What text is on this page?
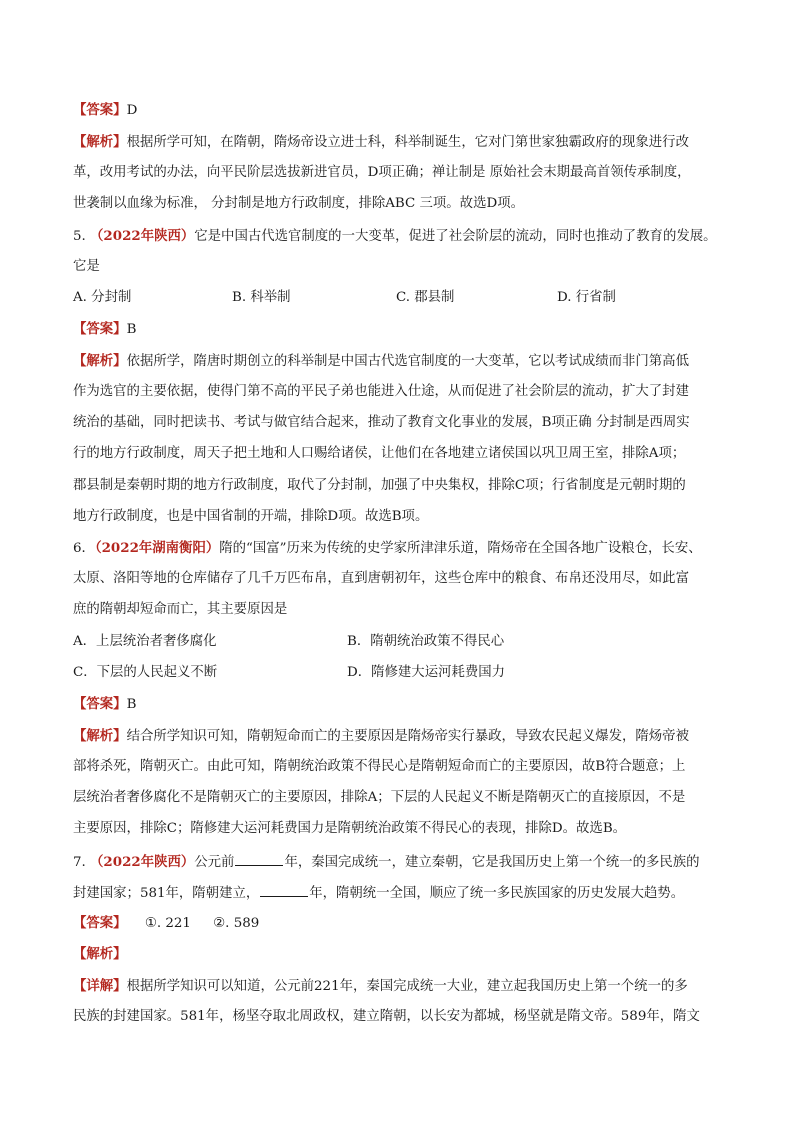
【答案】D
【解析】根据所学可知，在隋朝，隋炀帝设立进士科，科举制诞生，它对门第世家独霸政府的现象进行改
革，改用考试的办法，向平民阶层选拔新进官员，D项正确；禅让制是 原始社会末期最高首领传承制度，
世袭制以血缘为标准， 分封制是地方行政制度，排除ABC 三项。故选D项。
5. （2022年陕西）它是中国古代选官制度的一大变革，促进了社会阶层的流动，同时也推动了教育的发展。
它是
A. 分封制	B. 科举制	C. 郡县制	D. 行省制
【答案】B
【解析】依据所学，隋唐时期创立的科举制是中国古代选官制度的一大变革，它以考试成绩而非门第高低
作为选官的主要依据，使得门第不高的平民子弟也能进入仕途，从而促进了社会阶层的流动，扩大了封建
统治的基础，同时把读书、考试与做官结合起来，推动了教育文化事业的发展，B项正确 分封制是西周实
行的地方行政制度，周天子把土地和人口赐给诸侯，让他们在各地建立诸侯国以巩卫周王室，排除A项；
郡县制是秦朝时期的地方行政制度，取代了分封制，加强了中央集权，排除C项；行省制度是元朝时期的
地方行政制度，也是中国省制的开端，排除D项。故选B项。
6．（2022年湖南衡阳）隋的“国富”历来为传统的史学家所津津乐道，隋炀帝在全国各地广设粮仓，长安、
太原、洛阳等地的仓库储存了几千万匹布帛，直到唐朝初年，这些仓库中的粮食、布帛还没用尽，如此富
庶的隋朝却短命而亡，其主要原因是
A．上层统治者奢侈腐化	B．隋朝统治政策不得民心
C．下层的人民起义不断	D．隋修建大运河耗费国力
【答案】B
【解析】结合所学知识可知，隋朝短命而亡的主要原因是隋炀帝实行暴政，导致农民起义爆发，隋炀帝被
部将杀死，隋朝灭亡。由此可知，隋朝统治政策不得民心是隋朝短命而亡的主要原因，故B符合题意；上
层统治者奢侈腐化不是隋朝灭亡的主要原因，排除A；下层的人民起义不断是隋朝灭亡的直接原因，不是
主要原因，排除C；隋修建大运河耗费国力是隋朝统治政策不得民心的表现，排除D。故选B。
7. （2022年陕西）公元前	年，秦国完成统一，建立秦朝，它是我国历史上第一个统一的多民族的
封建国家；581年，隋朝建立，	年，隋朝统一全国，顺应了统一多民族国家的历史发展大趋势。
【答案】 ①. 221 ②. 589
【解析】
【详解】根据所学知识可以知道，公元前221年，秦国完成统一大业，建立起我国历史上第一个统一的多
民族的封建国家。581年，杨坚夺取北周政权，建立隋朝，以长安为都城，杨坚就是隋文帝。589年，隋文
